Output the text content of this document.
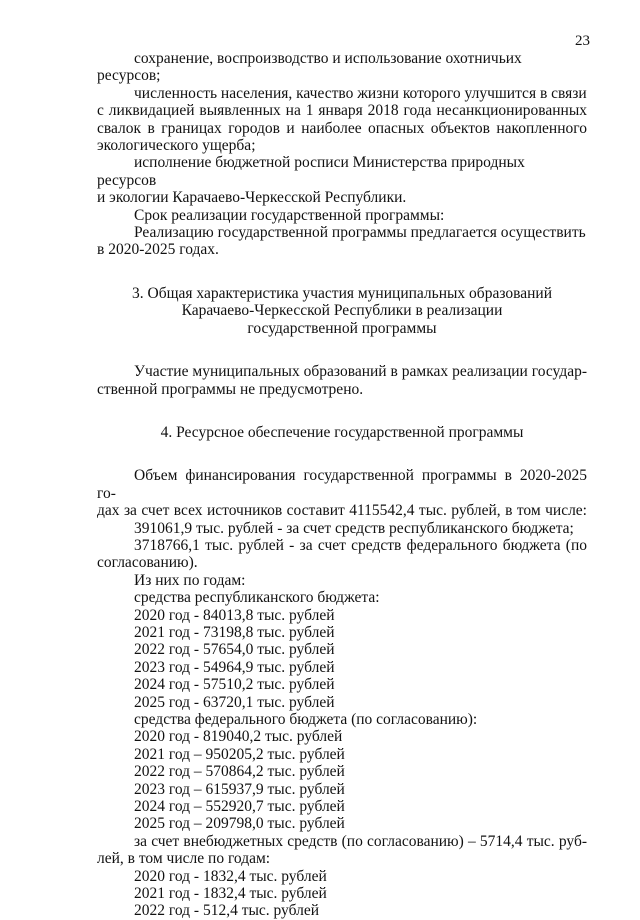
23

сохранение, воспроизводство и использование охотничьих ресурсов;

численность населения, качество жизни которого улучшится в связи

с ликвидацией выявленных на 1 января 2018 года несанкционированных

свалок в границах городов и наиболее опасных объектов накопленного

экологического ущерба;

исполнение бюджетной росписи Министерства природных ресурсов

и экологии Карачаево-Черкесской Республики.

Срок реализации государственной программы:

Реализацию государственной программы предлагается осуществить

в 2020-2025 годах.

3. Общая характеристика участия муниципальных образований

Карачаево-Черкесской Республики в реализации

государственной программы

Участие муниципальных образований в рамках реализации государ-

ственной программы не предусмотрено.

4. Ресурсное обеспечение государственной программы

Объем финансирования государственной программы в 2020-2025 го-

дах за счет всех источников составит 4115542,4 тыс. рублей, в том числе:

391061,9 тыс. рублей - за счет средств республиканского бюджета;

3718766,1 тыс. рублей - за счет средств федерального бюджета (по

согласованию).

Из них по годам:

средства республиканского бюджета:

2020 год - 84013,8 тыс. рублей

2021 год - 73198,8 тыс. рублей

2022 год - 57654,0 тыс. рублей

2023 год - 54964,9 тыс. рублей

2024 год - 57510,2 тыс. рублей

2025 год - 63720,1 тыс. рублей

средства федерального бюджета (по согласованию):

2020 год - 819040,2 тыс. рублей

2021 год – 950205,2 тыс. рублей

2022 год – 570864,2 тыс. рублей

2023 год – 615937,9 тыс. рублей

2024 год – 552920,7 тыс. рублей

2025 год – 209798,0 тыс. рублей

за счет внебюджетных средств (по согласованию) – 5714,4 тыс. руб-

лей, в том числе по годам:

2020 год - 1832,4 тыс. рублей

2021 год - 1832,4 тыс. рублей

2022 год - 512,4 тыс. рублей
